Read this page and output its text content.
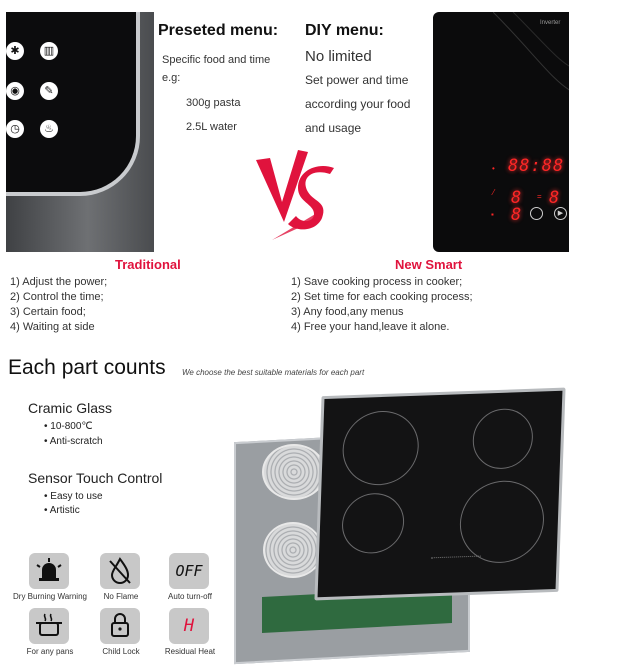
✱	▥
◉	✎
◷	♨
Preseted menu:
Specific food and time
e.g:
300g pasta
2.5L water
DIY menu:
No limited
Set power and time
according your food
and usage
VS
Inverter
• 88:88
⁄ 8 = 8
▪ 8	▶
Traditional	New Smart
1) Adjust the power;
2) Control the time;
3) Certain food;
4) Waiting at side
1) Save cooking process in cooker;
2) Set time for each cooking process;
3) Any food,any menus
4) Free your hand,leave it alone.
Each part counts We choose the best suitable materials for each part
Cramic Glass
• 10-800℃
• Anti-scratch
Sensor Touch Control
• Easy to use
• Artistic
Dry Burning Warning	No Flame
OFF
Auto turn-off
For any pans	Child Lock
H
Residual Heat
